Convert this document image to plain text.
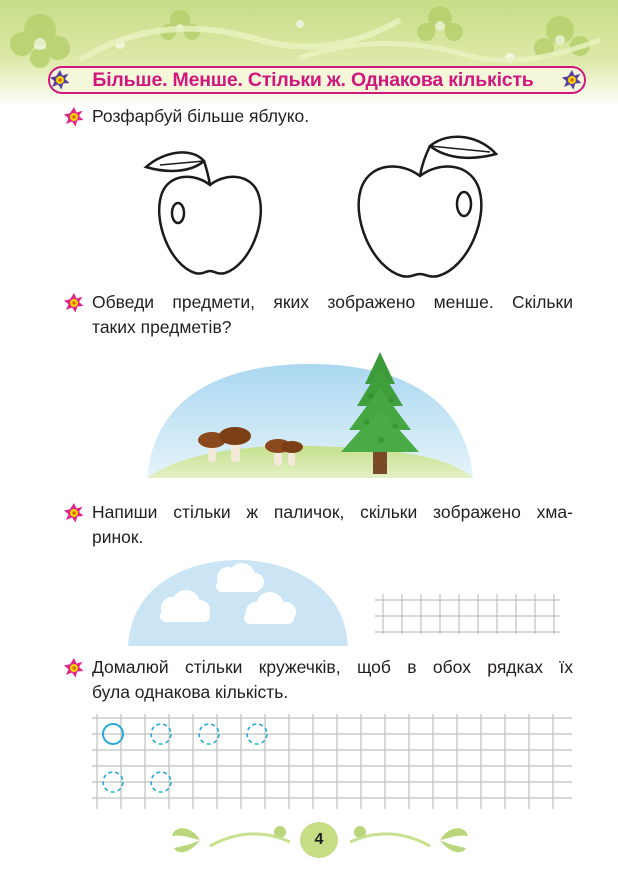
Більше. Менше. Стільки ж. Однакова кількість
Розфарбуй більше яблуко.
Обведи предмети, яких зображено менше. Скільки
таких предметів?
Напиши стільки ж паличок, скільки зображено хма-
ринок.
Домалюй стільки кружечків, щоб в обох рядках їх
була однакова кількість.
4
